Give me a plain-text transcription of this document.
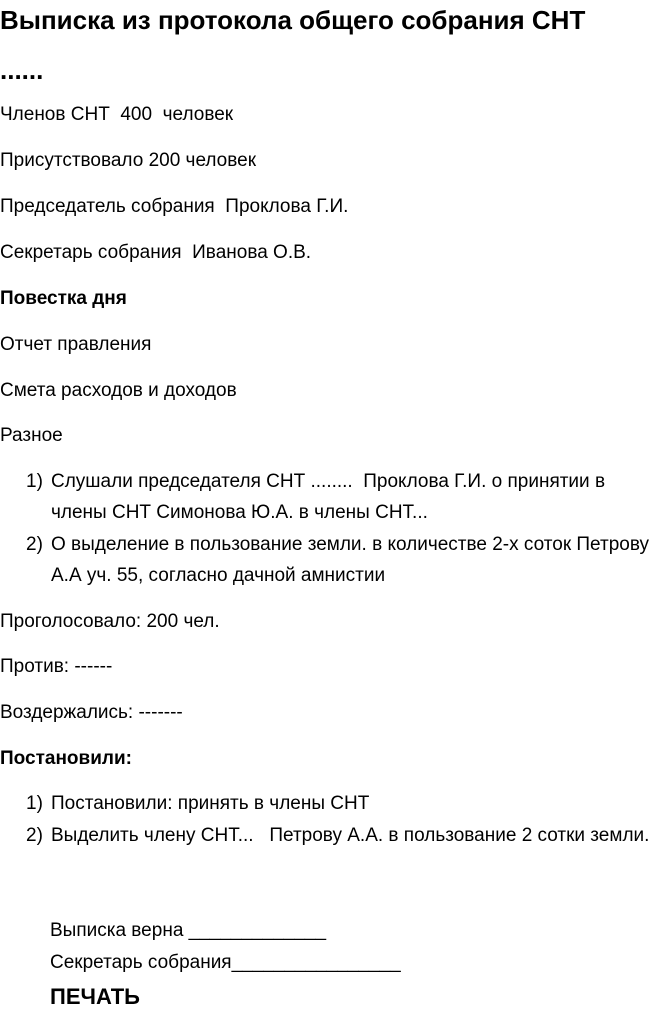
Выписка из протокола общего собрания СНТ
......
Членов СНТ  400  человек
Присутствовало 200 человек
Председатель собрания  Проклова Г.И.
Секретарь собрания  Иванова О.В.
Повестка дня
Отчет правления
Смета расходов и доходов
Разное
1) Слушали председателя СНТ ........  Проклова Г.И. о принятии в члены СНТ Симонова Ю.А. в члены СНТ...
2) О выделение в пользование земли. в количестве 2-х соток Петрову А.А уч. 55, согласно дачной амнистии
Проголосовало: 200 чел.
Против: ------
Воздержались: -------
Постановили:
1) Постановили: принять в члены СНТ
2) Выделить члену СНТ...   Петрову А.А. в пользование 2 сотки земли.
Выписка верна _____________
Секретарь собрания________________
ПЕЧАТЬ
